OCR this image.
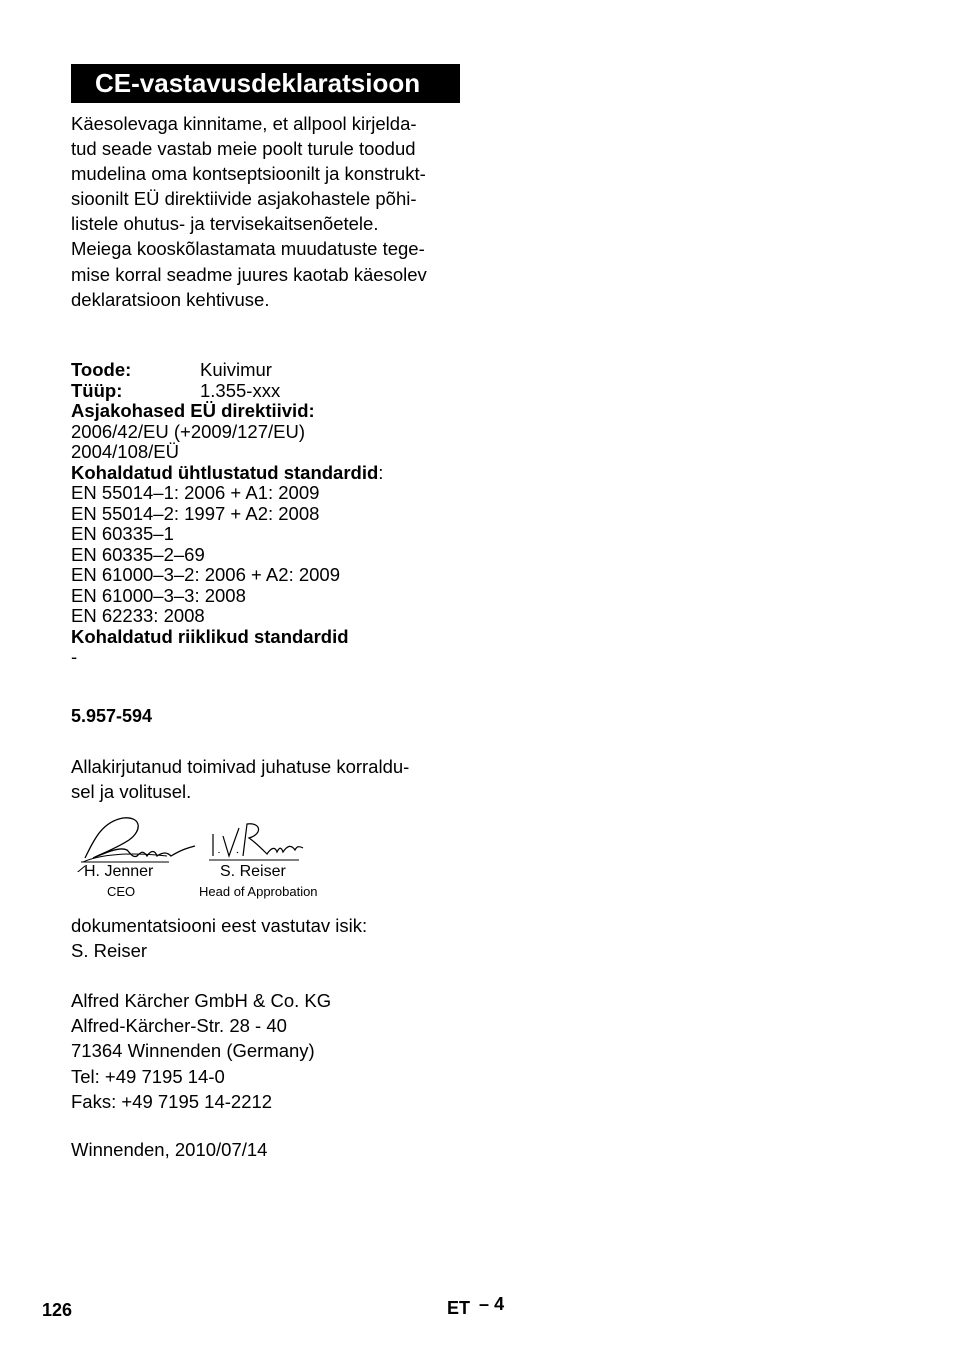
CE-vastavusdeklaratsioon
Käesolevaga kinnitame, et allpool kirjelda-
tud seade vastab meie poolt turule toodud
mudelina oma kontseptsioonilt ja konstrukt-
sioonilt EÜ direktiivide asjakohastele põhi-
listele ohutus- ja tervisekaitsenõetele.
Meiega kooskõlastamata muudatuste tege-
mise korral seadme juures kaotab käesolev
deklaratsioon kehtivuse.
Toode:	Kuivimur
Tüüp:	1.355-xxx
Asjakohased EÜ direktiivid:
2006/42/EU (+2009/127/EU)
2004/108/EÜ
Kohaldatud ühtlustatud standardid:
EN 55014–1: 2006 + A1: 2009
EN 55014–2: 1997 + A2: 2008
EN 60335–1
EN 60335–2–69
EN 61000–3–2: 2006 + A2: 2009
EN 61000–3–3: 2008
EN 62233: 2008
Kohaldatud riiklikud standardid
-
5.957-594
Allakirjutanud toimivad juhatuse korraldu-
sel ja volitusel.
H. Jenner
CEO
S. Reiser
Head of Approbation
dokumentatsiooni eest vastutav isik:
S. Reiser
Alfred Kärcher GmbH & Co. KG
Alfred-Kärcher-Str. 28 - 40
71364 Winnenden (Germany)
Tel: +49 7195 14-0
Faks: +49 7195 14-2212
Winnenden, 2010/07/14
126	ET – 4
